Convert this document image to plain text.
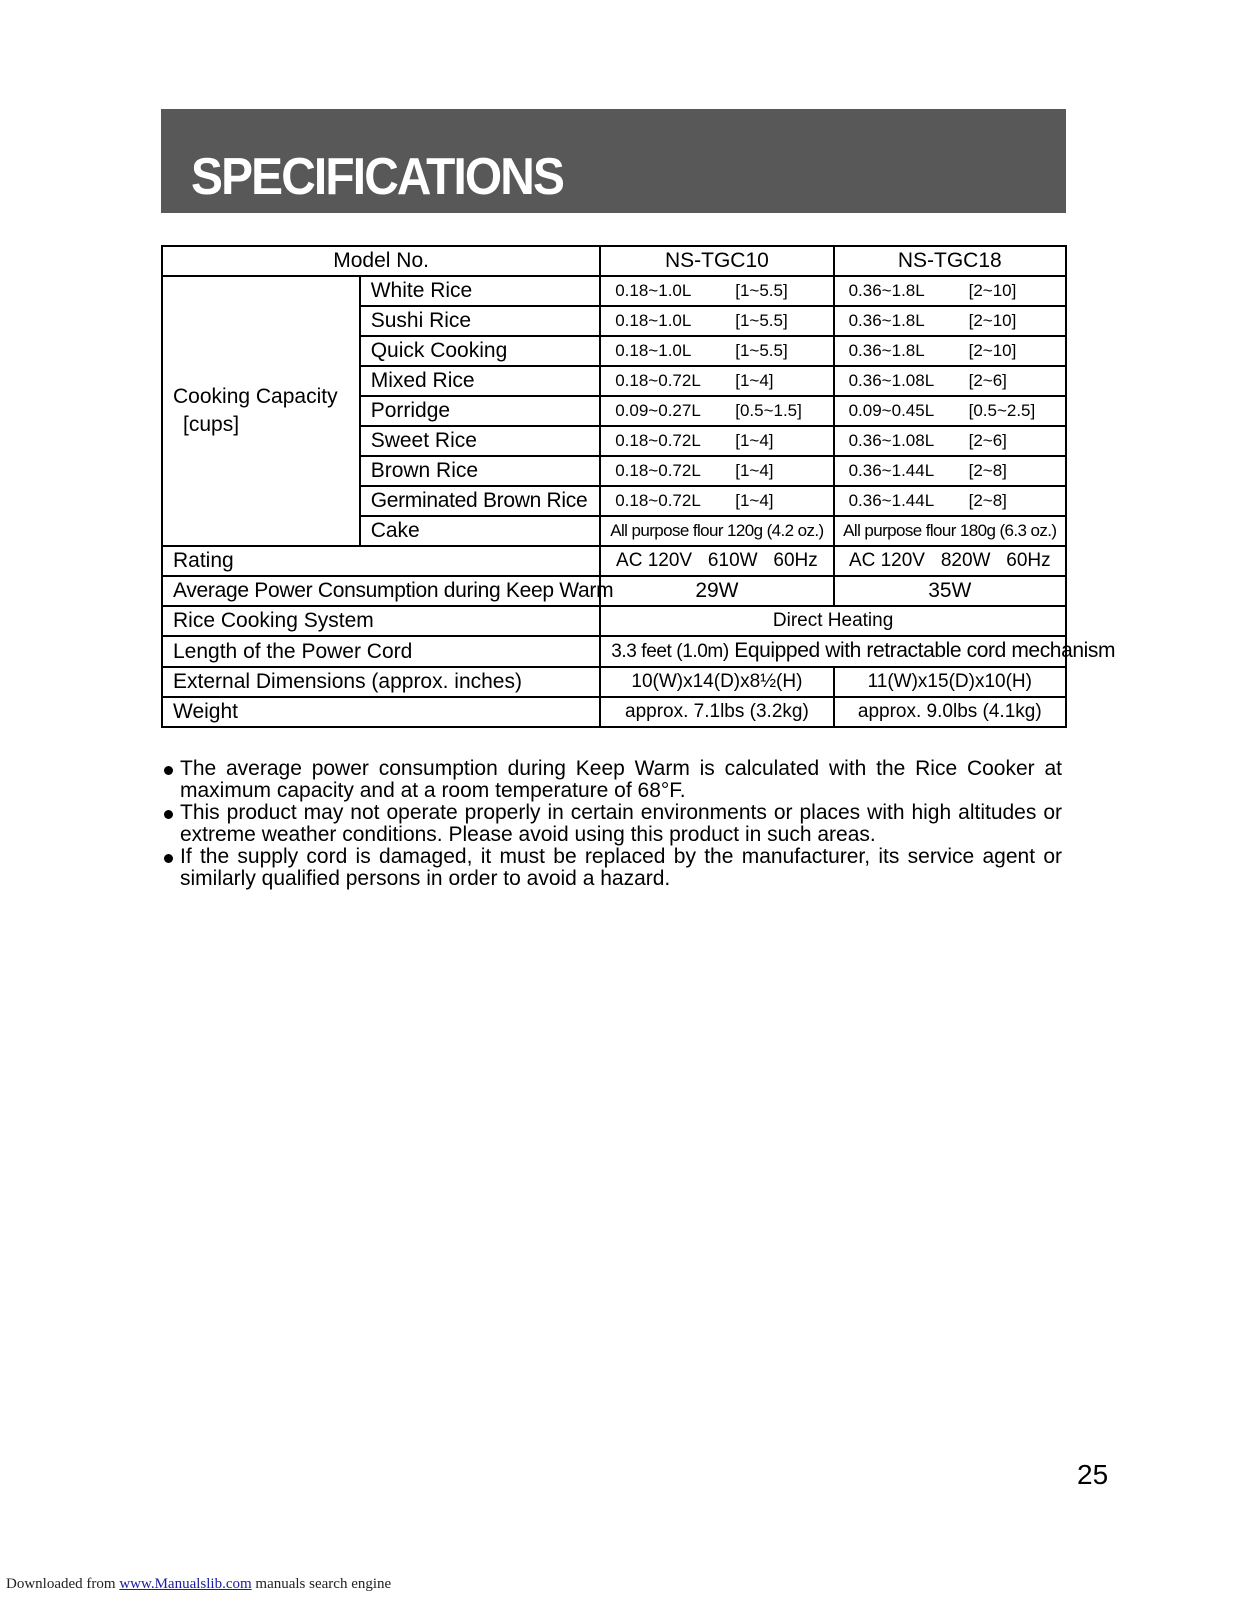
SPECIFICATIONS
Model No.		NS-TGC10	NS-TGC18

Cooking Capacity
[cups]	White Rice	0.18~1.0L [1~5.5]	0.36~1.8L [2~10]
	Sushi Rice	0.18~1.0L [1~5.5]	0.36~1.8L [2~10]
	Quick Cooking	0.18~1.0L [1~5.5]	0.36~1.8L [2~10]
	Mixed Rice	0.18~0.72L [1~4]	0.36~1.08L [2~6]
	Porridge	0.09~0.27L [0.5~1.5]	0.09~0.45L [0.5~2.5]
	Sweet Rice	0.18~0.72L [1~4]	0.36~1.08L [2~6]
	Brown Rice	0.18~0.72L [1~4]	0.36~1.44L [2~8]
	Germinated Brown Rice	0.18~0.72L [1~4]	0.36~1.44L [2~8]
	Cake	All purpose flour 120g (4.2 oz.)	All purpose flour 180g (6.3 oz.)
Rating		AC 120V   610W   60Hz	AC 120V   820W   60Hz
Average Power Consumption during Keep Warm		29W	35W
Rice Cooking System		Direct Heating	
Length of the Power Cord		3.3 feet (1.0m) Equipped with retractable cord mechanism	
External Dimensions (approx. inches)		10(W)x14(D)x8½(H)	11(W)x15(D)x10(H)
Weight		approx. 7.1lbs (3.2kg)	approx. 9.0lbs (4.1kg)

The average power consumption during Keep Warm is calculated with the Rice Cooker at maximum capacity and at a room temperature of 68°F.

This product may not operate properly in certain environments or places with high altitudes or extreme weather conditions. Please avoid using this product in such areas.

If the supply cord is damaged, it must be replaced by the manufacturer, its service agent or similarly qualified persons in order to avoid a hazard.

25
Downloaded from www.Manualslib.com manuals search engine
